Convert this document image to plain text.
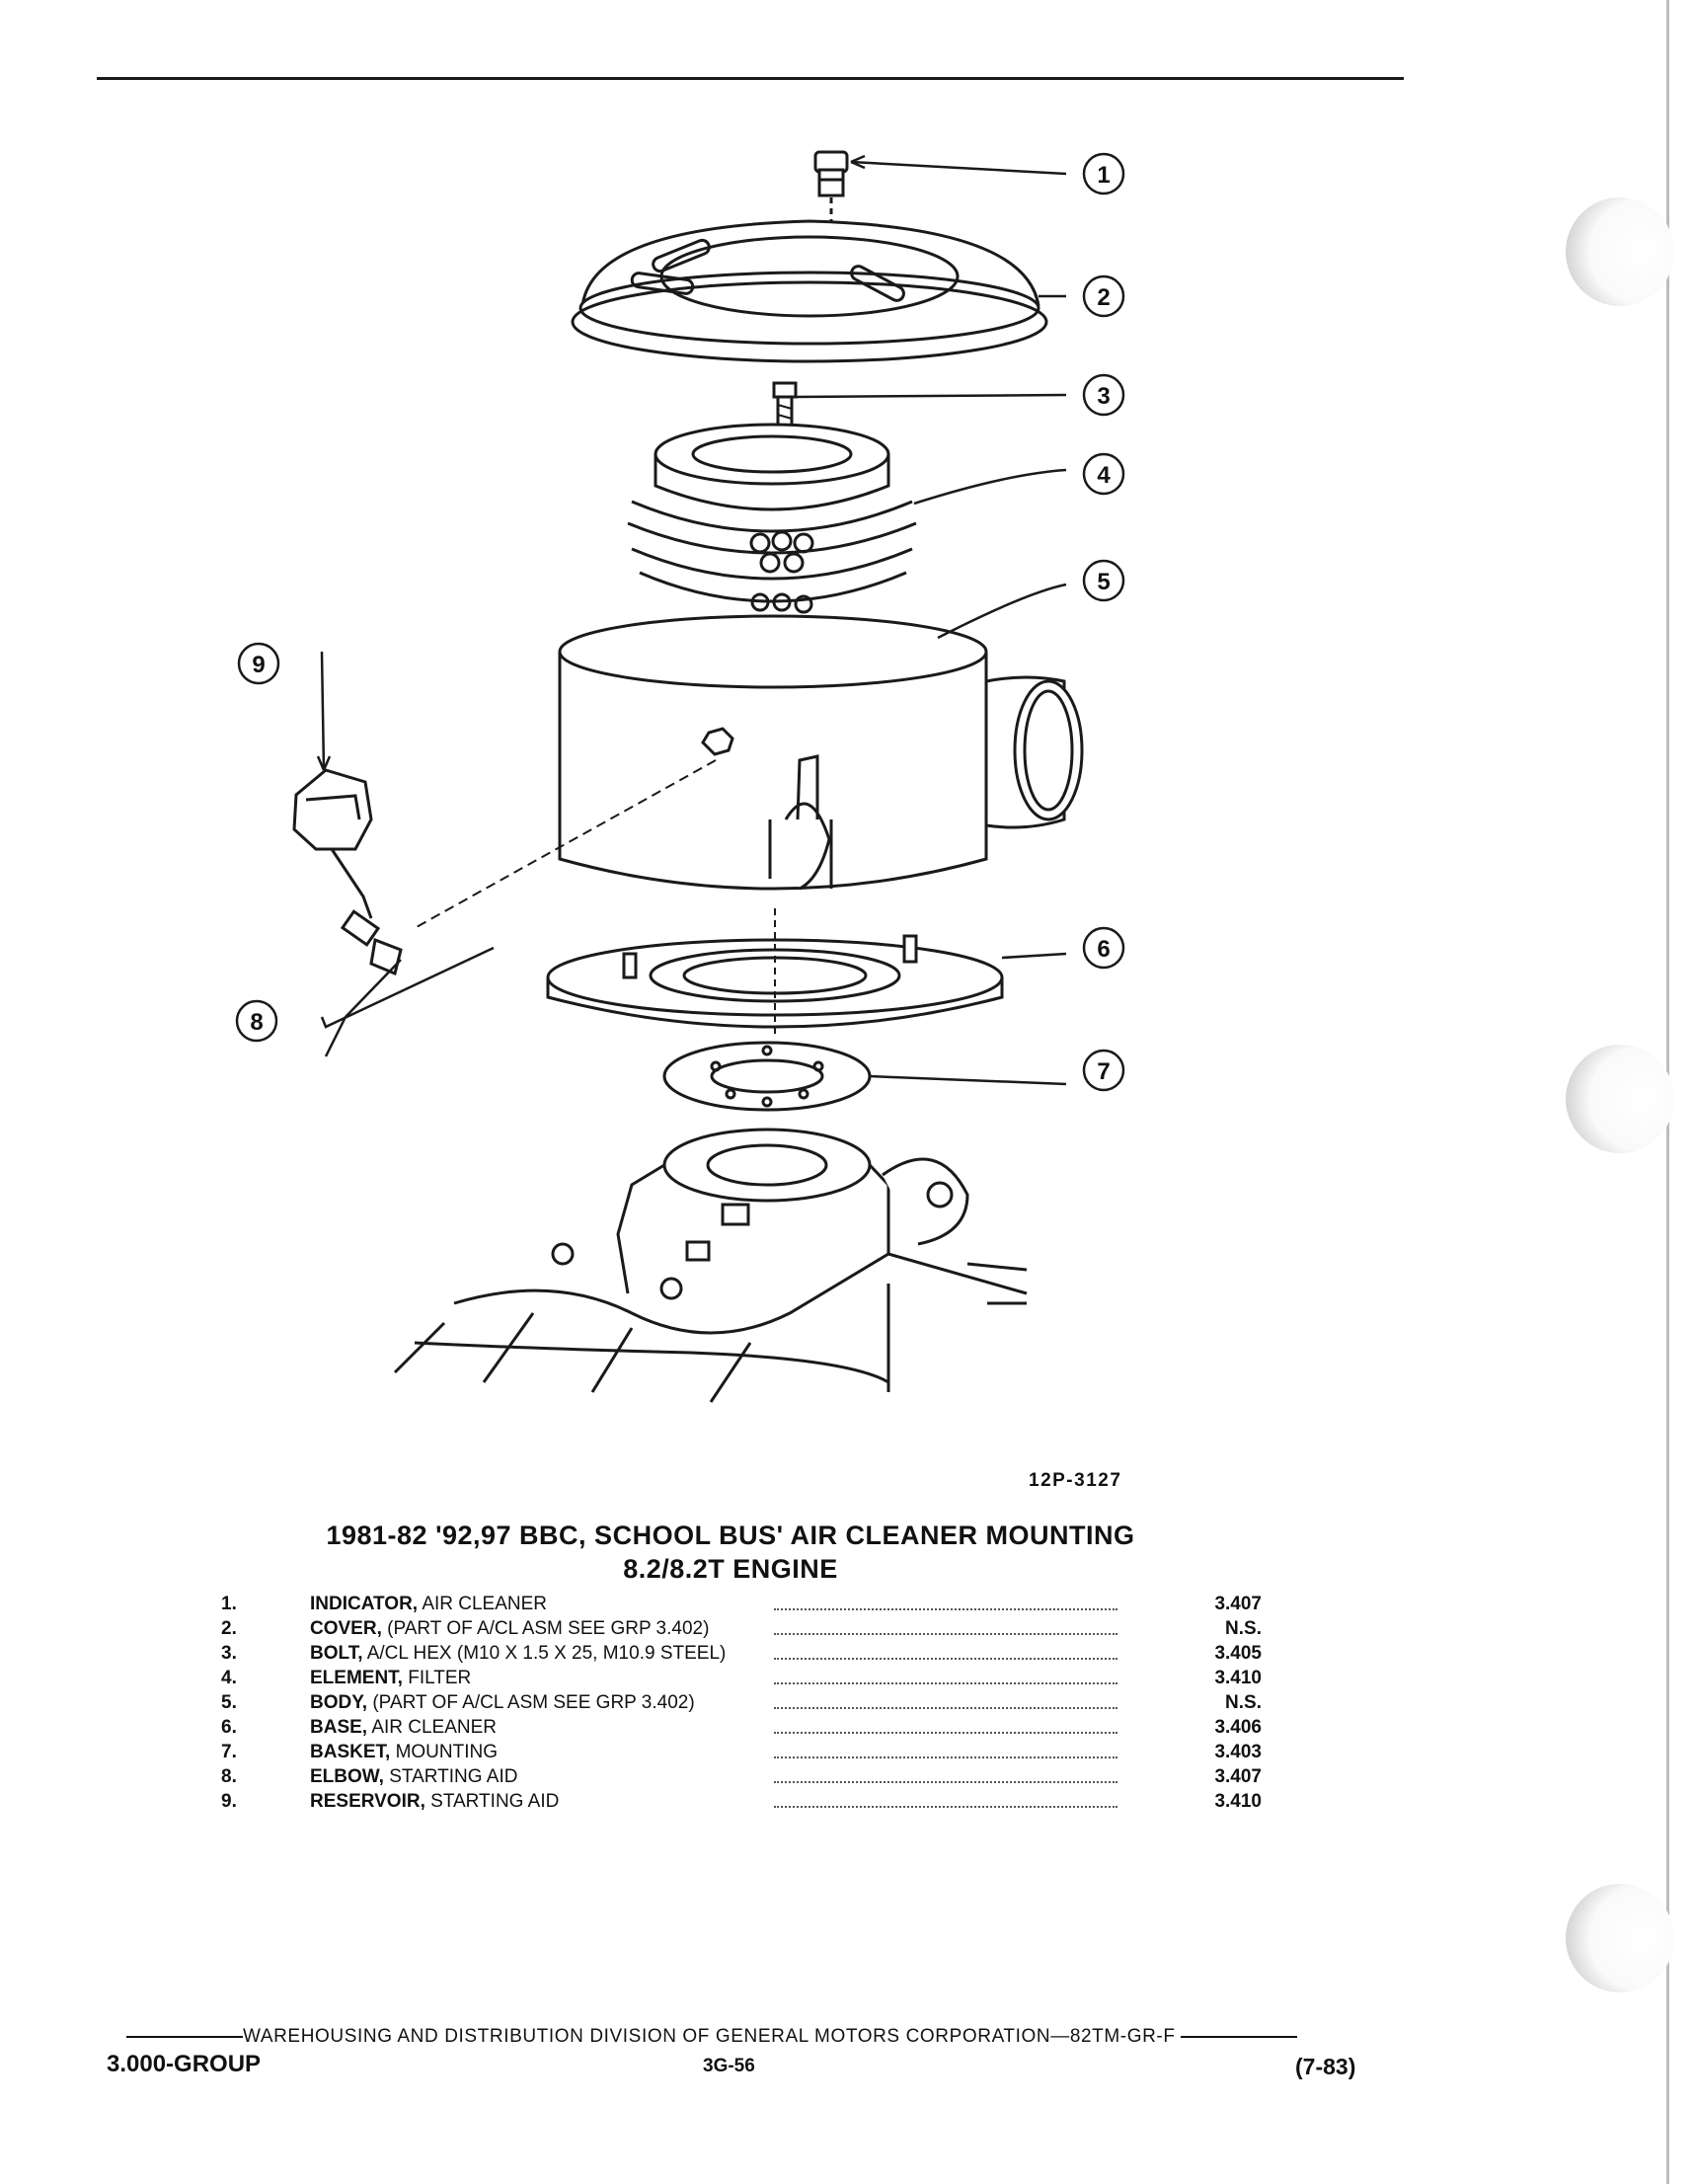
1
2
3
4
5
6
7
8
9
12P-3127
1981-82 '92,97 BBC, SCHOOL BUS' AIR CLEANER MOUNTING
8.2/8.2T ENGINE
1.	INDICATOR, AIR CLEANER	3.407
2.	COVER, (PART OF A/CL ASM SEE GRP 3.402)	N.S.
3.	BOLT, A/CL HEX (M10 X 1.5 X 25, M10.9 STEEL)	3.405
4.	ELEMENT, FILTER	3.410
5.	BODY, (PART OF A/CL ASM SEE GRP 3.402)	N.S.
6.	BASE, AIR CLEANER	3.406
7.	BASKET, MOUNTING	3.403
8.	ELBOW, STARTING AID	3.407
9.	RESERVOIR, STARTING AID	3.410
WAREHOUSING AND DISTRIBUTION DIVISION OF GENERAL MOTORS CORPORATION—82TM-GR-F
3.000-GROUP	3G-56	(7-83)
